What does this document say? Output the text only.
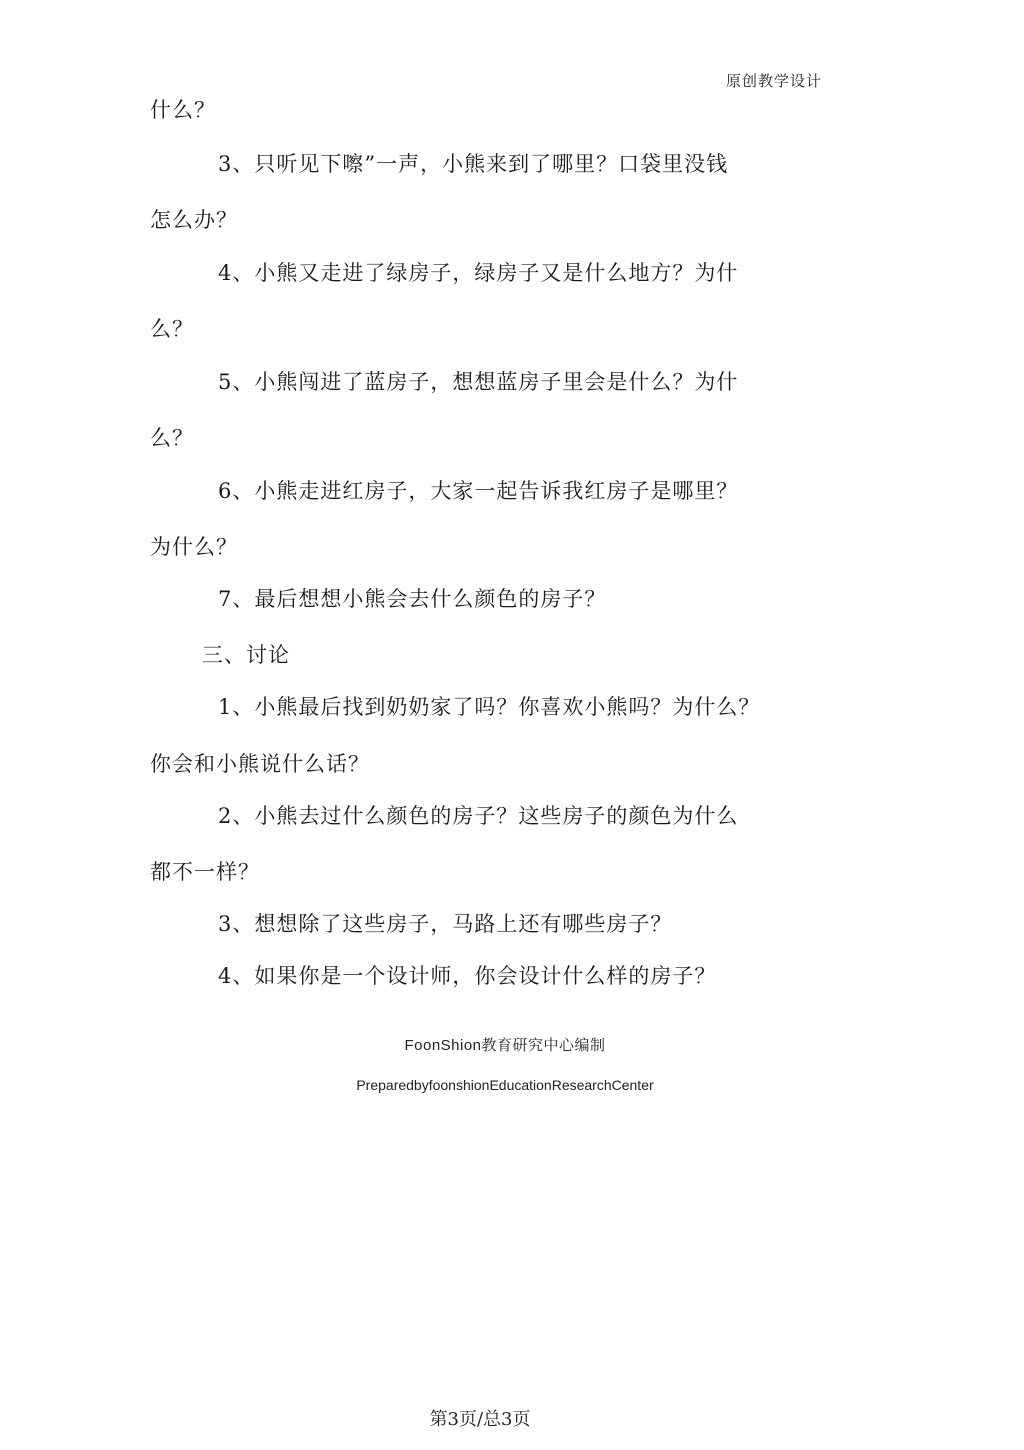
原创教学设计
什么？
3、只听见下嚓”一声，小熊来到了哪里？口袋里没钱
怎么办？
4、小熊又走进了绿房子，绿房子又是什么地方？为什
么？
5、小熊闯进了蓝房子，想想蓝房子里会是什么？为什
么？
6、小熊走进红房子，大家一起告诉我红房子是哪里？
为什么？
7、最后想想小熊会去什么颜色的房子？
三、讨论
1、小熊最后找到奶奶家了吗？你喜欢小熊吗？为什么？
你会和小熊说什么话？
2、小熊去过什么颜色的房子？这些房子的颜色为什么
都不一样？
3、想想除了这些房子，马路上还有哪些房子？
4、如果你是一个设计师，你会设计什么样的房子？
FoonShion教育研究中心编制
PreparedbyfoonshionEducationResearchCenter
第3页/总3页
